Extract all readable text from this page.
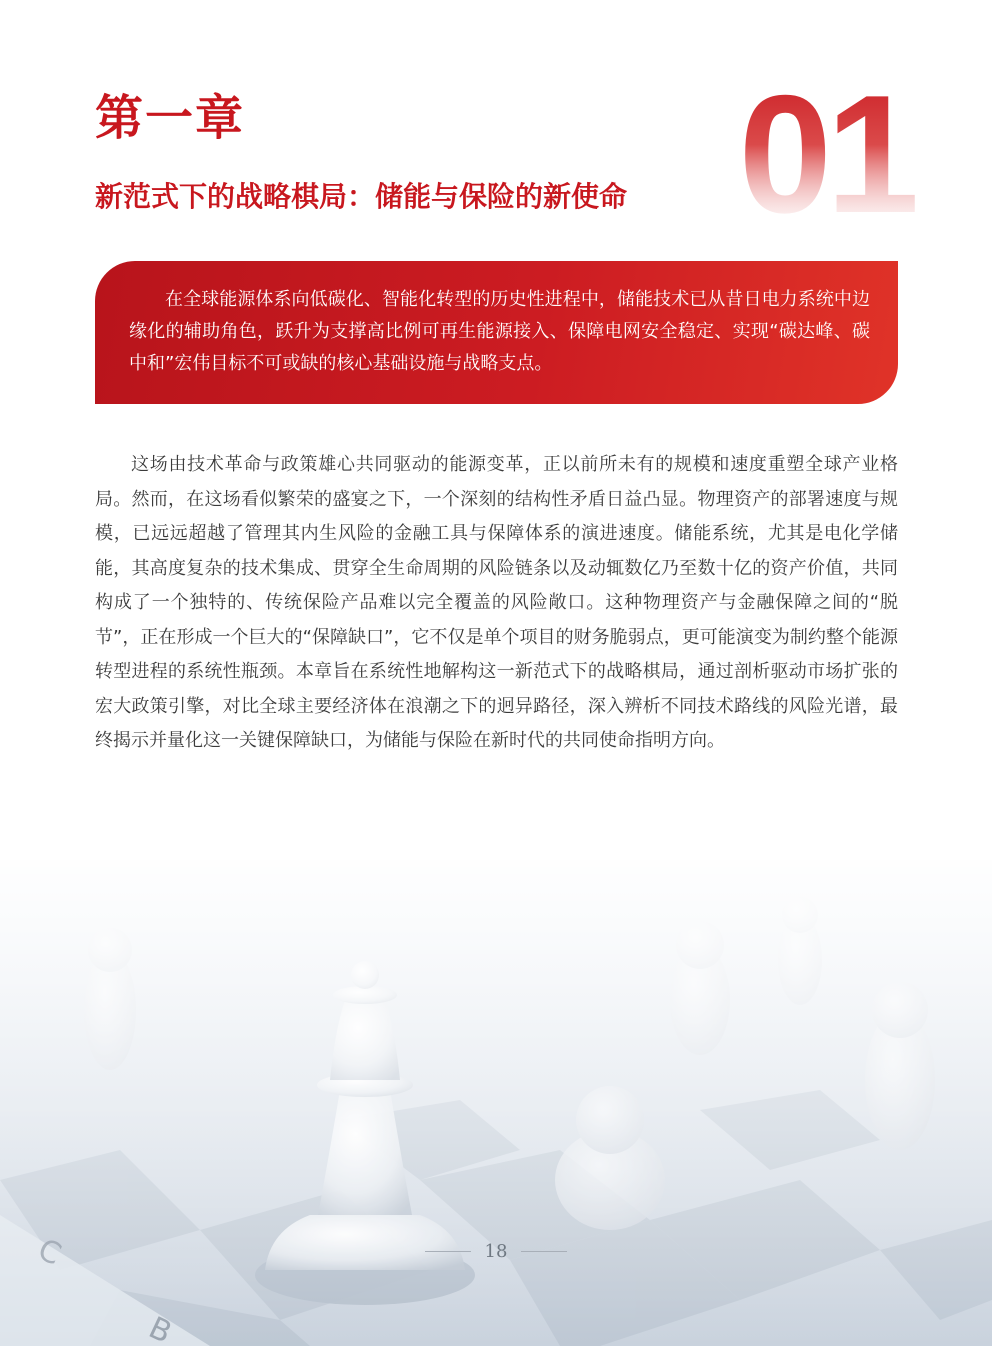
第一章
新范式下的战略棋局：储能与保险的新使命 01

在全球能源体系向低碳化、智能化转型的历史性进程中，储能技术已从昔日电力系统中边缘化的辅助角色，跃升为支撑高比例可再生能源接入、保障电网安全稳定、实现“碳达峰、碳中和”宏伟目标不可或缺的核心基础设施与战略支点。

这场由技术革命与政策雄心共同驱动的能源变革，正以前所未有的规模和速度重塑全球产业格局。然而，在这场看似繁荣的盛宴之下，一个深刻的结构性矛盾日益凸显。物理资产的部署速度与规模，已远远超越了管理其内生风险的金融工具与保障体系的演进速度。储能系统，尤其是电化学储能，其高度复杂的技术集成、贯穿全生命周期的风险链条以及动辄数亿乃至数十亿的资产价值，共同构成了一个独特的、传统保险产品难以完全覆盖的风险敞口。这种物理资产与金融保障之间的“脱节”，正在形成一个巨大的“保障缺口”，它不仅是单个项目的财务脆弱点，更可能演变为制约整个能源转型进程的系统性瓶颈。本章旨在系统性地解构这一新范式下的战略棋局，通过剖析驱动市场扩张的宏大政策引擎，对比全球主要经济体在浪潮之下的迥异路径，深入辨析不同技术路线的风险光谱，最终揭示并量化这一关键保障缺口，为储能与保险在新时代的共同使命指明方向。

18
